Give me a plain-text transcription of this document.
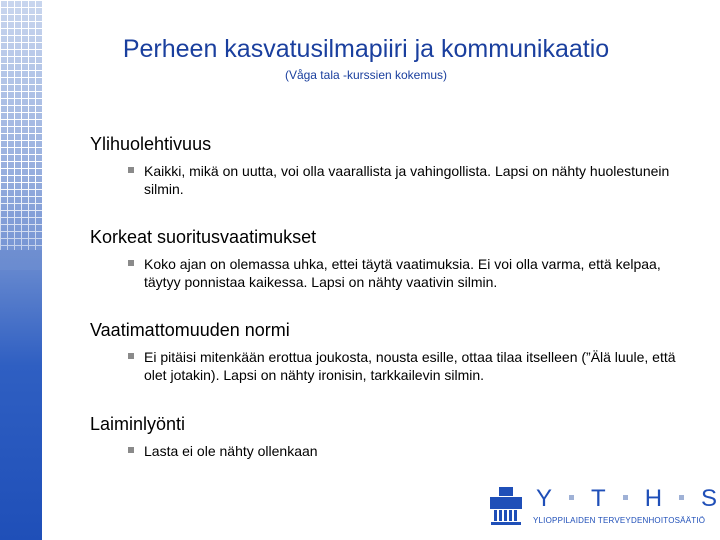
Perheen kasvatusilmapiiri ja kommunikaatio
(Våga tala -kurssien kokemus)
Ylihuolehtivuus
Kaikki, mikä on uutta, voi olla vaarallista ja vahingollista. Lapsi on nähty huolestunein silmin.
Korkeat suoritusvaatimukset
Koko ajan on olemassa uhka, ettei täytä vaatimuksia. Ei voi olla varma, että kelpaa, täytyy ponnistaa kaikessa. Lapsi on nähty vaativin silmin.
Vaatimattomuuden normi
Ei pitäisi mitenkään erottua joukosta, nousta esille, ottaa tilaa itselleen (”Älä luule, että olet jotakin). Lapsi on nähty ironisin, tarkkailevin silmin.
Laiminlyönti
Lasta ei ole nähty ollenkaan
Y T H S
YLIOPPILAIDEN TERVEYDENHOITOSÄÄTIÖ
